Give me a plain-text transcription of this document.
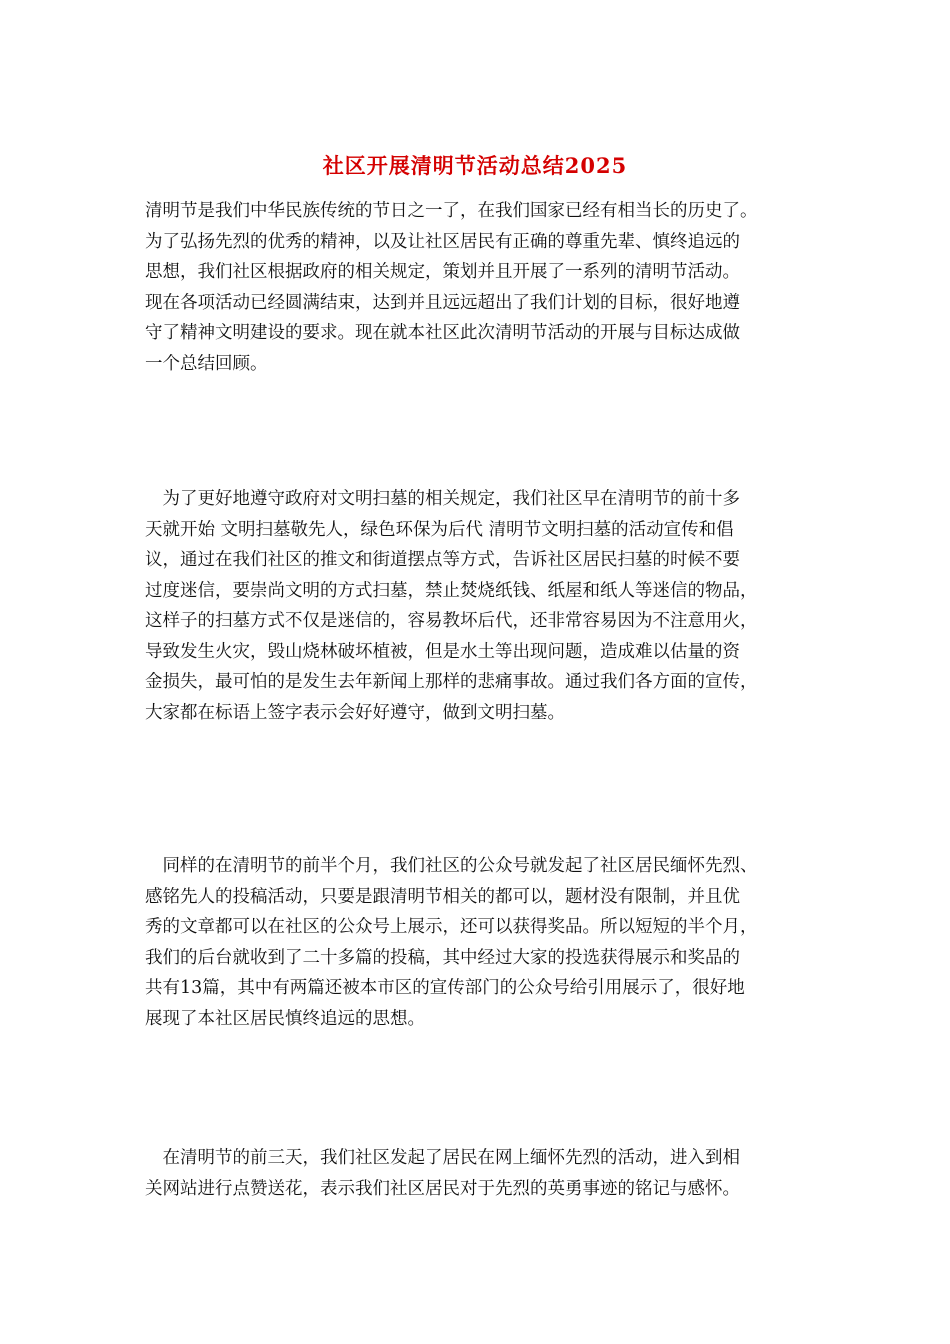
社区开展清明节活动总结2025

清明节是我们中华民族传统的节日之一了，在我们国家已经有相当长的历史了。
为了弘扬先烈的优秀的精神，以及让社区居民有正确的尊重先辈、慎终追远的
思想，我们社区根据政府的相关规定，策划并且开展了一系列的清明节活动。
现在各项活动已经圆满结束，达到并且远远超出了我们计划的目标，很好地遵
守了精神文明建设的要求。现在就本社区此次清明节活动的开展与目标达成做
一个总结回顾。

　为了更好地遵守政府对文明扫墓的相关规定，我们社区早在清明节的前十多
天就开始 文明扫墓敬先人，绿色环保为后代 清明节文明扫墓的活动宣传和倡
议，通过在我们社区的推文和街道摆点等方式，告诉社区居民扫墓的时候不要
过度迷信，要崇尚文明的方式扫墓，禁止焚烧纸钱、纸屋和纸人等迷信的物品，
这样子的扫墓方式不仅是迷信的，容易教坏后代，还非常容易因为不注意用火，
导致发生火灾，毁山烧林破坏植被，但是水土等出现问题，造成难以估量的资
金损失，最可怕的是发生去年新闻上那样的悲痛事故。通过我们各方面的宣传，
大家都在标语上签字表示会好好遵守，做到文明扫墓。

　同样的在清明节的前半个月，我们社区的公众号就发起了社区居民缅怀先烈、
感铭先人的投稿活动，只要是跟清明节相关的都可以，题材没有限制，并且优
秀的文章都可以在社区的公众号上展示，还可以获得奖品。所以短短的半个月，
我们的后台就收到了二十多篇的投稿，其中经过大家的投选获得展示和奖品的
共有13篇，其中有两篇还被本市区的宣传部门的公众号给引用展示了，很好地
展现了本社区居民慎终追远的思想。

　在清明节的前三天，我们社区发起了居民在网上缅怀先烈的活动，进入到相
关网站进行点赞送花，表示我们社区居民对于先烈的英勇事迹的铭记与感怀。
